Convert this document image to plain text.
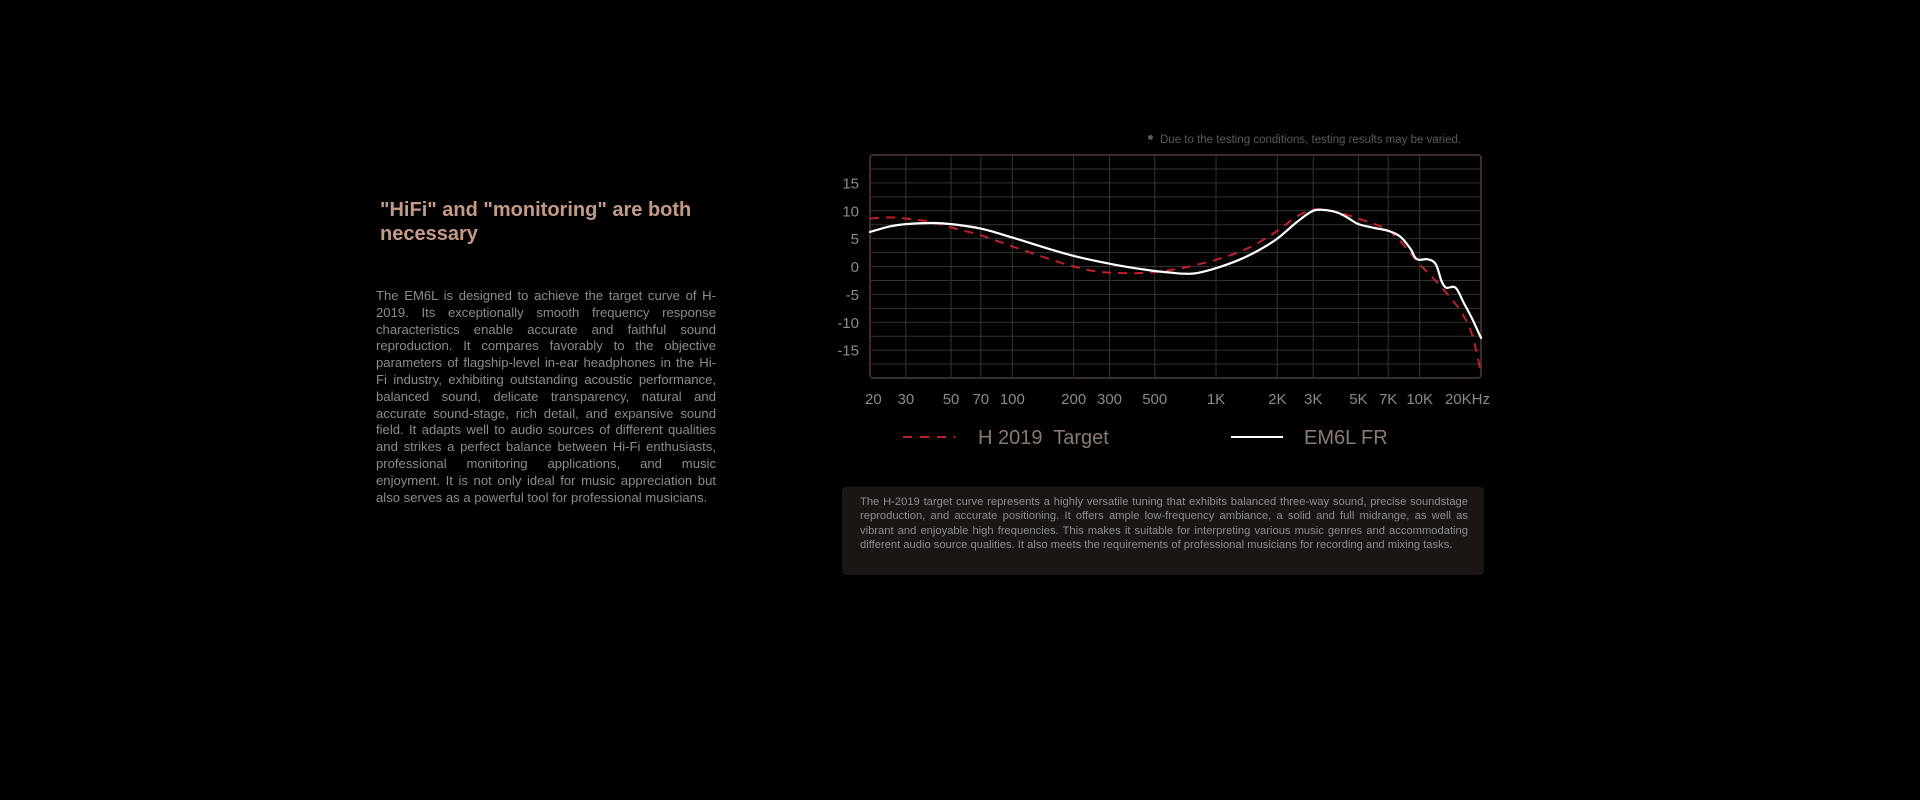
"HiFi" and "monitoring" are both necessary

The EM6L is designed to achieve the target curve of H-2019. Its exceptionally smooth frequency response characteristics enable accurate and faithful sound reproduction. It compares favorably to the objective parameters of flagship-level in-ear headphones in the Hi-Fi industry, exhibiting outstanding acoustic performance, balanced sound, delicate transparency, natural and accurate sound-stage, rich detail, and expansive sound field. It adapts well to audio sources of different qualities and strikes a perfect balance between Hi-Fi enthusiasts, professional monitoring applications, and music enjoyment. It is not only ideal for music appreciation but also serves as a powerful tool for professional musicians.

Due to the testing conditions, testing results may be varied.
15
10
5
0
-5
-10
-15
20 30 50 70 100 200 300 500	1K	2K 3K 5K 7K 10K 20KHz
H 2019  Target	EM6L FR

The H-2019 target curve represents a highly versatile tuning that exhibits balanced three-way sound, precise soundstage reproduction, and accurate positioning. It offers ample low-frequency ambiance, a solid and full midrange, as well as vibrant and enjoyable high frequencies. This makes it suitable for interpreting various music genres and accommodating different audio source qualities. It also meets the requirements of professional musicians for recording and mixing tasks.
